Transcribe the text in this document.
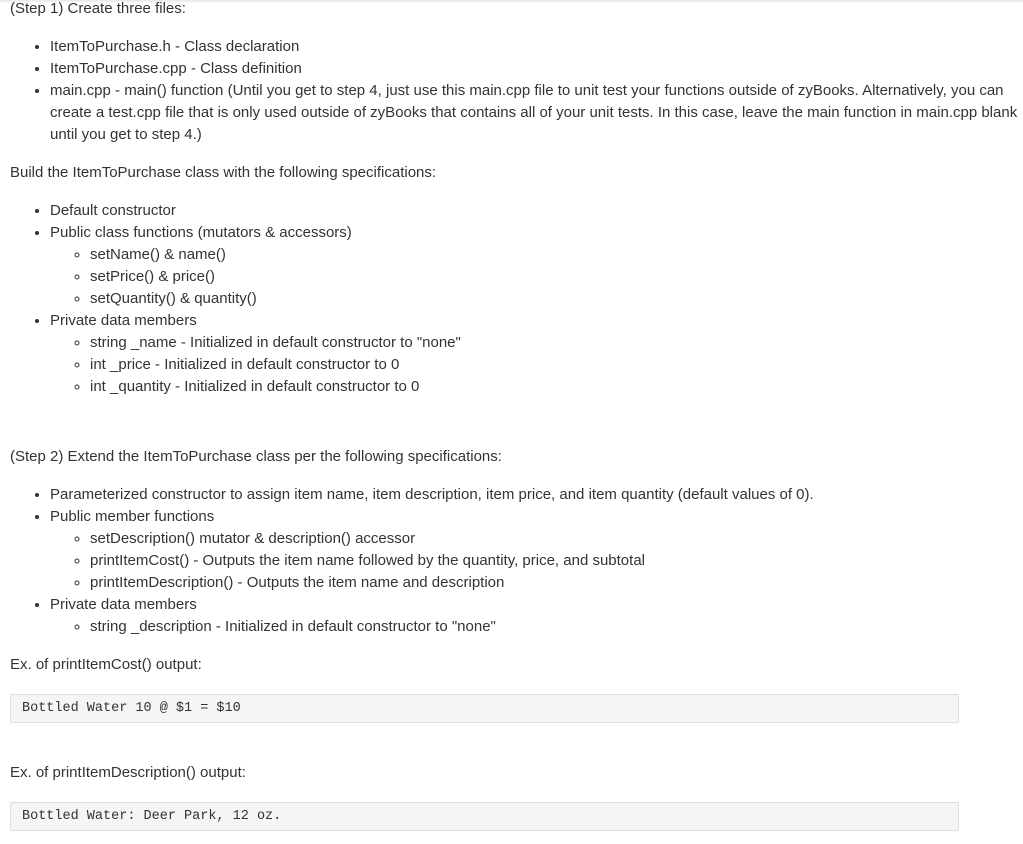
(Step 1) Create three files:

• ItemToPurchase.h - Class declaration
• ItemToPurchase.cpp - Class definition
• main.cpp - main() function (Until you get to step 4, just use this main.cpp file to unit test your functions outside of zyBooks. Alternatively, you can create a test.cpp file that is only used outside of zyBooks that contains all of your unit tests. In this case, leave the main function in main.cpp blank until you get to step 4.)

Build the ItemToPurchase class with the following specifications:

• Default constructor
• Public class functions (mutators & accessors)
◦ setName() & name()
◦ setPrice() & price()
◦ setQuantity() & quantity()
• Private data members
◦ string _name - Initialized in default constructor to "none"
◦ int _price - Initialized in default constructor to 0
◦ int _quantity - Initialized in default constructor to 0

(Step 2) Extend the ItemToPurchase class per the following specifications:

• Parameterized constructor to assign item name, item description, item price, and item quantity (default values of 0).
• Public member functions
◦ setDescription() mutator & description() accessor
◦ printItemCost() - Outputs the item name followed by the quantity, price, and subtotal
◦ printItemDescription() - Outputs the item name and description
• Private data members
◦ string _description - Initialized in default constructor to "none"

Ex. of printItemCost() output:

Bottled Water 10 @ $1 = $10

Ex. of printItemDescription() output:

Bottled Water: Deer Park, 12 oz.
